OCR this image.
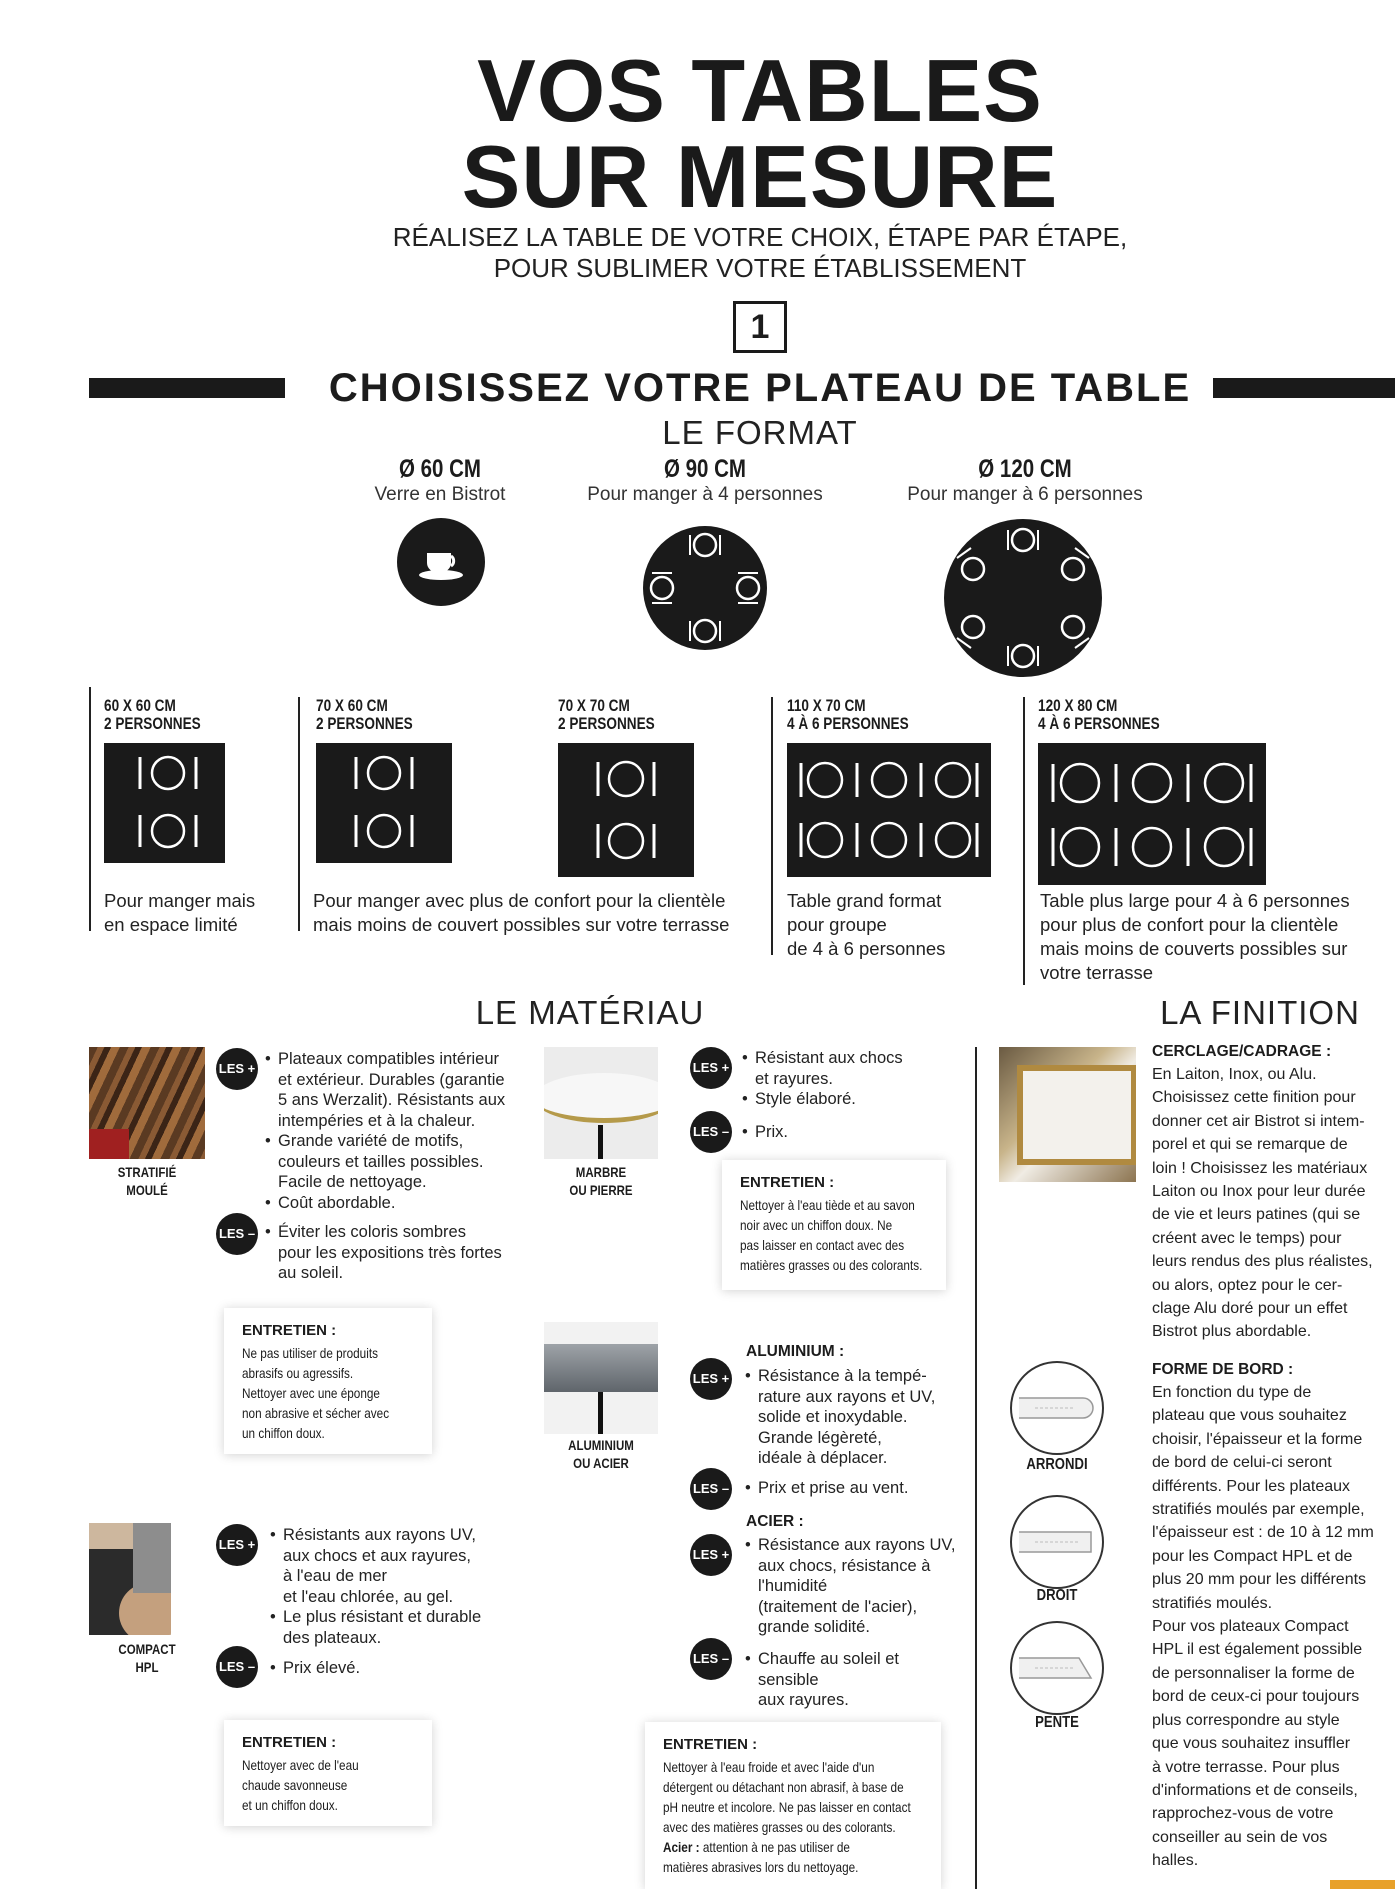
VOS TABLES
SUR MESURE
RÉALISEZ LA TABLE DE VOTRE CHOIX, ÉTAPE PAR ÉTAPE,
POUR SUBLIMER VOTRE ÉTABLISSEMENT
1
CHOISISSEZ VOTRE PLATEAU DE TABLE
LE FORMAT
Ø 60 CM
Verre en Bistrot
Ø 90 CM
Pour manger à 4 personnes
Ø 120 CM
Pour manger à 6 personnes
60 X 60 CM
2 PERSONNES
70 X 60 CM
2 PERSONNES
70 X 70 CM
2 PERSONNES
110 X 70 CM
4 À 6 PERSONNES
120 X 80 CM
4 À 6 PERSONNES
Pour manger mais
en espace limité
Pour manger avec plus de confort pour la clientèle
mais moins de couvert possibles sur votre terrasse
Table grand format
pour groupe
de 4 à 6 personnes
Table plus large pour 4 à 6 personnes
pour plus de confort pour la clientèle
mais moins de couverts possibles sur
votre terrasse
LE MATÉRIAU	LA FINITION
STRATIFIÉ
MOULÉ
LES +
• Plateaux compatibles intérieur
et extérieur. Durables (garantie
5 ans Werzalit). Résistants aux
intempéries et à la chaleur.
• Grande variété de motifs,
couleurs et tailles possibles.
Facile de nettoyage.
• Coût abordable.
LES –	• Éviter les coloris sombres
pour les expositions très fortes
au soleil.
ENTRETIEN :
Ne pas utiliser de produits
abrasifs ou agressifs.
Nettoyer avec une éponge
non abrasive et sécher avec
un chiffon doux.
COMPACT
HPL
LES +
• Résistants aux rayons UV,
aux chocs et aux rayures,
à l'eau de mer
et l'eau chlorée, au gel.
• Le plus résistant et durable
des plateaux.
LES –	• Prix élevé.
ENTRETIEN :
Nettoyer avec de l'eau
chaude savonneuse
et un chiffon doux.
MARBRE
OU PIERRE
LES +
• Résistant aux chocs
et rayures.
• Style élaboré.
LES –	• Prix.
ENTRETIEN :
Nettoyer à l'eau tiède et au savon
noir avec un chiffon doux. Ne
pas laisser en contact avec des
matières grasses ou des colorants.
ALUMINIUM
OU ACIER
ALUMINIUM :
LES +	• Résistance à la tempé-
rature aux rayons et UV,
solide et inoxydable.
Grande légèreté,
idéale à déplacer.
LES –	• Prix et prise au vent.
ACIER :
LES +
• Résistance aux rayons UV,
aux chocs, résistance à
l'humidité
(traitement de l'acier),
grande solidité.
LES –	• Chauffe au soleil et
sensible
aux rayures.
ENTRETIEN :
Nettoyer à l'eau froide et avec l'aide d'un
détergent ou détachant non abrasif, à base de
pH neutre et incolore. Ne pas laisser en contact
avec des matières grasses ou des colorants.
Acier : attention à ne pas utiliser de
matières abrasives lors du nettoyage.
CERCLAGE/CADRAGE :
En Laiton, Inox, ou Alu.
Choisissez cette finition pour
donner cet air Bistrot si intem-
porel et qui se remarque de
loin ! Choisissez les matériaux
Laiton ou Inox pour leur durée
de vie et leurs patines (qui se
créent avec le temps) pour
leurs rendus des plus réalistes,
ou alors, optez pour le cer-
clage Alu doré pour un effet
Bistrot plus abordable.
FORME DE BORD :
En fonction du type de
plateau que vous souhaitez
choisir, l'épaisseur et la forme
de bord de celui-ci seront
différents. Pour les plateaux
stratifiés moulés par exemple,
l'épaisseur est : de 10 à 12 mm
pour les Compact HPL et de
plus 20 mm pour les différents
stratifiés moulés.
Pour vos plateaux Compact
HPL il est également possible
de personnaliser la forme de
bord de ceux-ci pour toujours
plus correspondre au style
que vous souhaitez insuffler
à votre terrasse. Pour plus
d'informations et de conseils,
rapprochez-vous de votre
conseiller au sein de vos
halles.
ARRONDI
DROIT
PENTE
